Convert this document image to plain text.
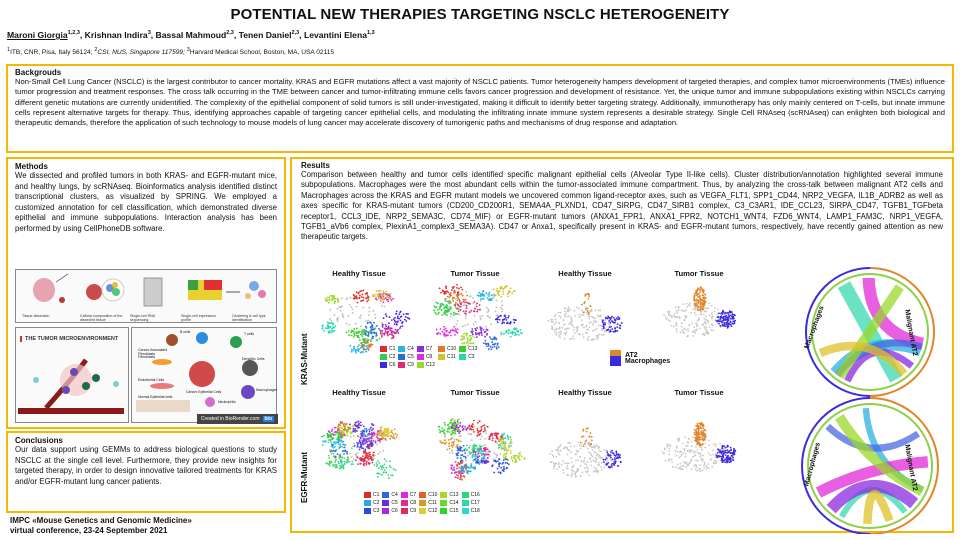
POTENTIAL NEW THERAPIES TARGETING NSCLC HETEROGENEITY
Maroni Giorgia$^{1,2,3}$, Krishnan Indira$^3$, Bassal Mahmoud$^{2,3}$, Tenen Daniel$^{2,3}$, Levantini Elena$^{1,3}$
$^1$ITB, CNR, Pisa, Italy 56124; $^2$CSI, NUS, Singapore 117599; $^3$Harvard Medical School, Boston, MA, USA 02115
Backgrouds

Non-Small Cell Lung Cancer (NSCLC) is the largest contributor to cancer mortality. KRAS and EGFR mutations affect a vast majority of NSCLC patients. Tumor heterogeneity hampers development of targeted therapies, and complex tumor microenvironments (TMEs) influence tumor progression and treatment responses. The cross talk occurring in the TME between cancer and tumor-infiltrating immune cells favors cancer progression and development of resistance. Yet, the unique tumor and immune subpopulations existing within NSCLCs carrying different genetic mutations are currently unidentified. The complexity of the epithelial component of solid tumors is still under-investigated, making it difficult to identify better targeting strategy. Additionally, immunotherapy has only mainly centered on T-cells, but innate immune cells represent alternative targets for therapy. Thus, identifying approaches capable of targeting cancer epithelial cells, and modulating the infiltrating innate immune system represents a desirable strategy. Single Cell RNAseq (scRNAseq) can enlighten both biological and therapeutic demands, therefore the application of such technology to mouse models of lung cancer may accelerate discovery of tumorigenic paths and mechanisms of drug response and adaptation.

Methods

We dissected and profiled tumors in both KRAS- and EGFR-mutant mice, and healthy lungs, by scRNAseq. Bioinformatics analysis identified distinct transcriptional clusters, as visualized by SPRING. We employed a customized annotation for cell classification, which demonstrated diverse epithelial and immune subpopulations. Interaction analysis has been performed by using CellPhoneDB software.

Tissue dissection	Cellular composition of the dissected tissue
Single-cell RNA sequencing
Single-cell expression profile
Clustering & cell type identification
THE TUMOR MICROENVIRONMENT
B cells	T cells
Cancer Associated Fibroblasts
Fibroblasts	Dendritic Cells
Endothelial Cells
Cancer Epithelial Cells	Macrophages
Normal Epithelial cells
Neutrophils
Created in BioRender.com	bio
Conclusions

Our data support using GEMMs to address biological questions to study NSCLC at the single cell level. Furthermore, they provide new insights for targeted therapy, in order to design innovative tailored treatments for KRAS and/or EGFR-mutant lung cancer patients.

IMPC «Mouse Genetics and Genomic Medicine»
virtual conference, 23-24 September 2021
Results

Comparison between healthy and tumor cells identified specific malignant epithelial cells (Alveolar Type II-like cells). Cluster distribution/annotation highlighted several immune subpopulations. Macrophages were the most abundant cells within the tumor-associated immune compartment. Thus, by analyzing the cross-talk between malignant AT2 cells and Macrophages across the KRAS and EGFR mutant models we uncovered common ligand-receptor axes, such as VEGFA_FLT1, SPP1_CD44, NRP2_VEGFA, IL1B_ADRB2 as well as axes specific for KRAS-mutant tumors (CD200_CD200R1, SEMA4A_PLXND1, CD47_SIRPG, CD47_SIRB1 complex, C3_C3AR1, IDE_CCL23, SIRPA_CD47, TGFB1_TGFbeta receptor1, CCL3_IDE, NRP2_SEMA3C, CD74_MIF) or EGFR-mutant tumors (ANXA1_FPR1, ANXA1_FPR2, NOTCH1_WNT4, FZD6_WNT4, LAMP1_FAM3C, NRP1_VEGFA, TGFB1_aVb6 complex, PlexinA1_complex3_SEMA3A). CD47 or Anxa1, specifically present in KRAS- and EGFR-mutant tumors, respectively, have recently gained attention as new therapeutic targets.

KRAS-Mutant
EGFR-Mutant
Healthy Tissue	Tumor Tissue	Healthy Tissue	Tumor Tissue
Healthy Tissue	Tumor Tissue	Healthy Tissue	Tumor Tissue
C1 C4 C7	C10 C13
C2 C5 C8	C11 C3
C6 C9 C12
C1 C4 C7 C10 C13 C16
C2 C5 C8 C11 C14 C17
C3 C6 C9 C12 C15 C18
AT2
Macrophages
Macrophages	Malignant AT2
Macrophages	Malignant AT2
